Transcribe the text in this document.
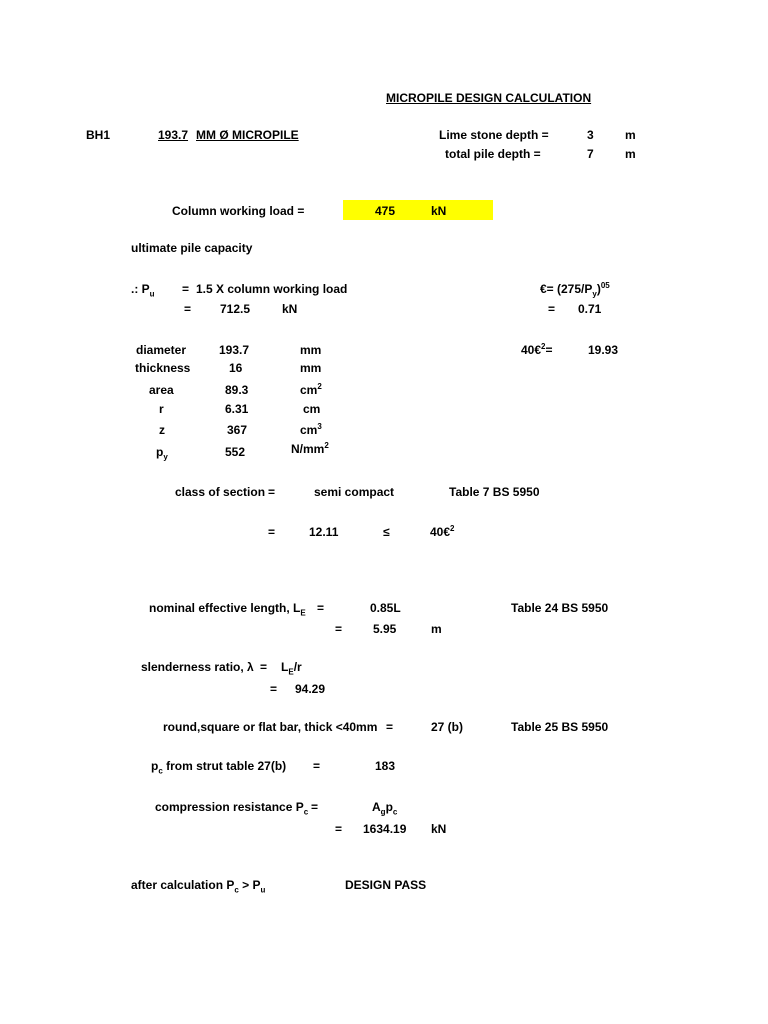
MICROPILE DESIGN CALCULATION
BH1	193.7 MM Ø MICROPILE	Lime stone depth =	3	m
total pile depth =	7	m
Column working load =	475	kN
ultimate pile capacity
.: $P_u = 1.5$ X column working load
= 712.5	kN
€= $(275/P_y)^{05}$
= 0.71
40€$^2$=	19.93
diameter	193.7	mm
thickness	16	mm
area	89.3	$cm^2$
r	6.31	cm
z	367	$cm^3$
$p_y$	552	$N/mm^2$
class of section =	semi compact	Table 7 BS 5950
=	12.11	≤	40€$^2$
nominal effective length, $L_E$ =	0.85L	Table 24 BS 5950
=	5.95	m
slenderness ratio, $\lambda = L_E/r$
= 94.29
round,square or flat bar, thick <40mm =	27 (b)	Table 25 BS 5950
$p_c$ from strut table 27(b) =	183
compression resistance $P_c$ =	$A_gp_c$
= 1634.19 kN
after calculation $P_c > P_u$	DESIGN PASS
